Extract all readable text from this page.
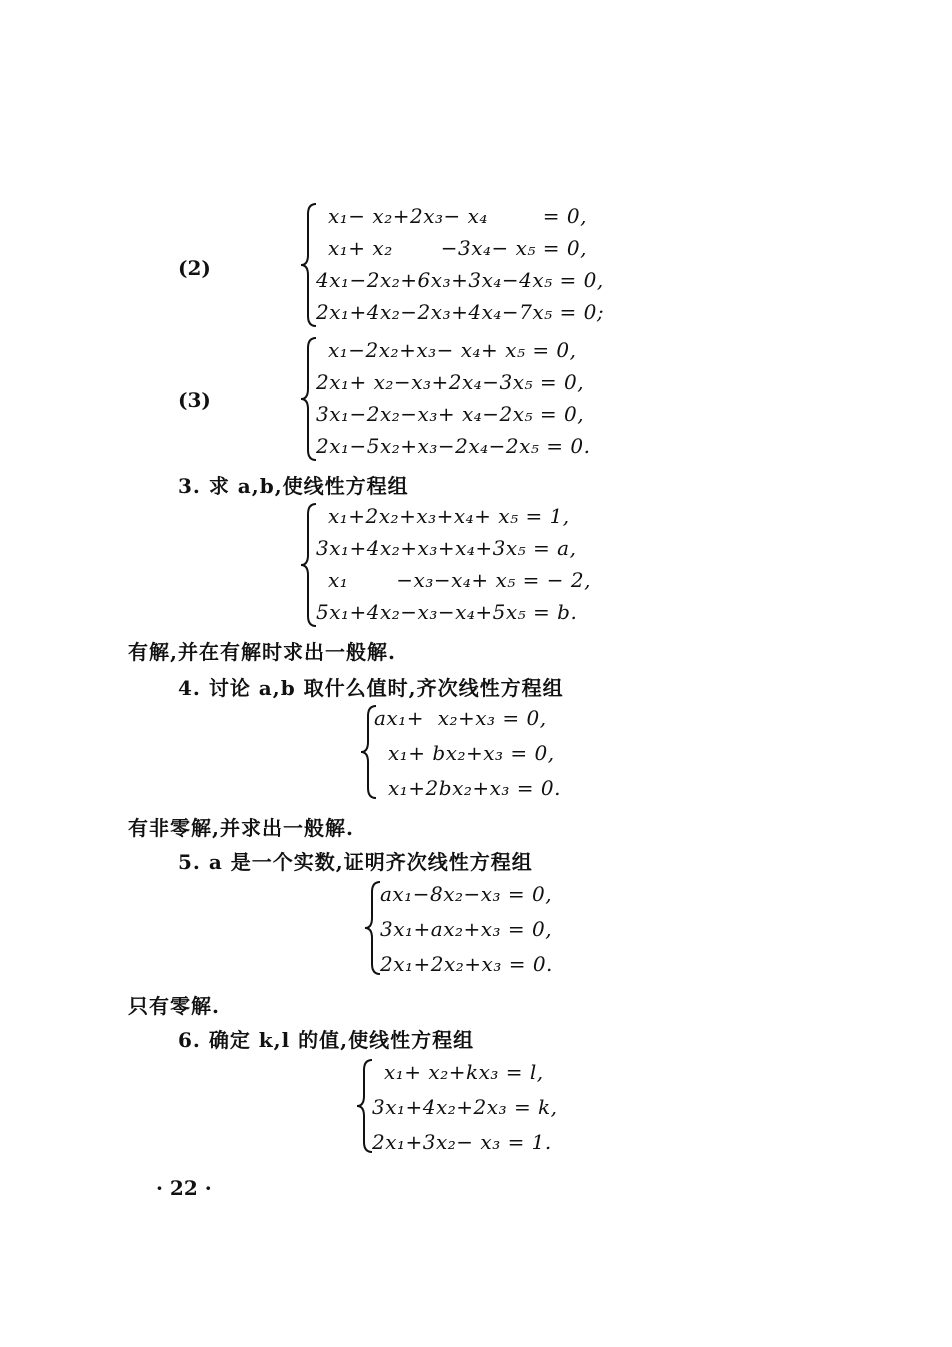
(2)
x₁− x₂+2x₃− x₄        = 0,
x₁+ x₂       −3x₄− x₅ = 0,
4x₁−2x₂+6x₃+3x₄−4x₅ = 0,
2x₁+4x₂−2x₃+4x₄−7x₅ = 0;
(3)
x₁−2x₂+x₃− x₄+ x₅ = 0,
2x₁+ x₂−x₃+2x₄−3x₅ = 0,
3x₁−2x₂−x₃+ x₄−2x₅ = 0,
2x₁−5x₂+x₃−2x₄−2x₅ = 0.
3. 求 a,b,使线性方程组
x₁+2x₂+x₃+x₄+ x₅ = 1,
3x₁+4x₂+x₃+x₄+3x₅ = a,
x₁       −x₃−x₄+ x₅ = − 2,
5x₁+4x₂−x₃−x₄+5x₅ = b.
有解,并在有解时求出一般解.
4. 讨论 a,b 取什么值时,齐次线性方程组
ax₁+  x₂+x₃ = 0,
x₁+ bx₂+x₃ = 0,
x₁+2bx₂+x₃ = 0.
有非零解,并求出一般解.
5. a 是一个实数,证明齐次线性方程组
ax₁−8x₂−x₃ = 0,
3x₁+ax₂+x₃ = 0,
2x₁+2x₂+x₃ = 0.
只有零解.
6. 确定 k,l 的值,使线性方程组
x₁+ x₂+kx₃ = l,
3x₁+4x₂+2x₃ = k,
2x₁+3x₂− x₃ = 1.
· 22 ·
